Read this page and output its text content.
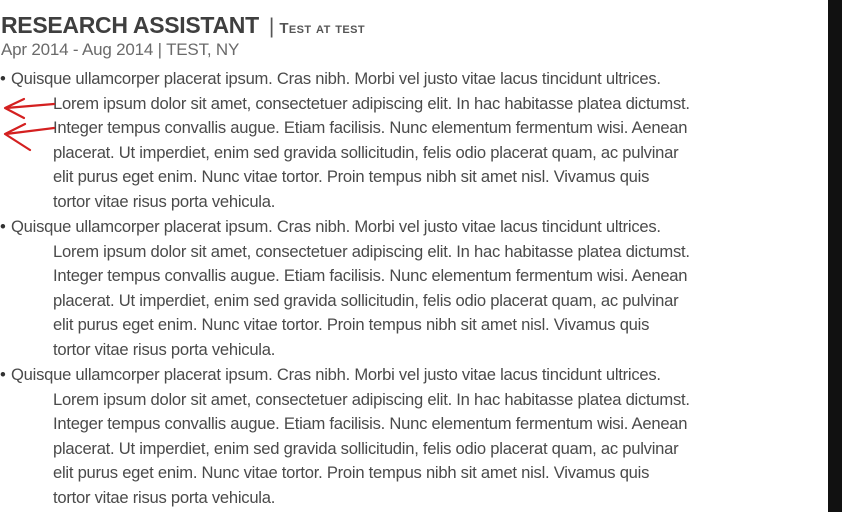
RESEARCH ASSISTANT | Test at test
Apr 2014 - Aug 2014 | TEST, NY
• Quisque ullamcorper placerat ipsum. Cras nibh. Morbi vel justo vitae lacus tincidunt ultrices.
Lorem ipsum dolor sit amet, consectetuer adipiscing elit. In hac habitasse platea dictumst.
Integer tempus convallis augue. Etiam facilisis. Nunc elementum fermentum wisi. Aenean
placerat. Ut imperdiet, enim sed gravida sollicitudin, felis odio placerat quam, ac pulvinar
elit purus eget enim. Nunc vitae tortor. Proin tempus nibh sit amet nisl. Vivamus quis
tortor vitae risus porta vehicula.
• Quisque ullamcorper placerat ipsum. Cras nibh. Morbi vel justo vitae lacus tincidunt ultrices.
Lorem ipsum dolor sit amet, consectetuer adipiscing elit. In hac habitasse platea dictumst.
Integer tempus convallis augue. Etiam facilisis. Nunc elementum fermentum wisi. Aenean
placerat. Ut imperdiet, enim sed gravida sollicitudin, felis odio placerat quam, ac pulvinar
elit purus eget enim. Nunc vitae tortor. Proin tempus nibh sit amet nisl. Vivamus quis
tortor vitae risus porta vehicula.
• Quisque ullamcorper placerat ipsum. Cras nibh. Morbi vel justo vitae lacus tincidunt ultrices.
Lorem ipsum dolor sit amet, consectetuer adipiscing elit. In hac habitasse platea dictumst.
Integer tempus convallis augue. Etiam facilisis. Nunc elementum fermentum wisi. Aenean
placerat. Ut imperdiet, enim sed gravida sollicitudin, felis odio placerat quam, ac pulvinar
elit purus eget enim. Nunc vitae tortor. Proin tempus nibh sit amet nisl. Vivamus quis
tortor vitae risus porta vehicula.
